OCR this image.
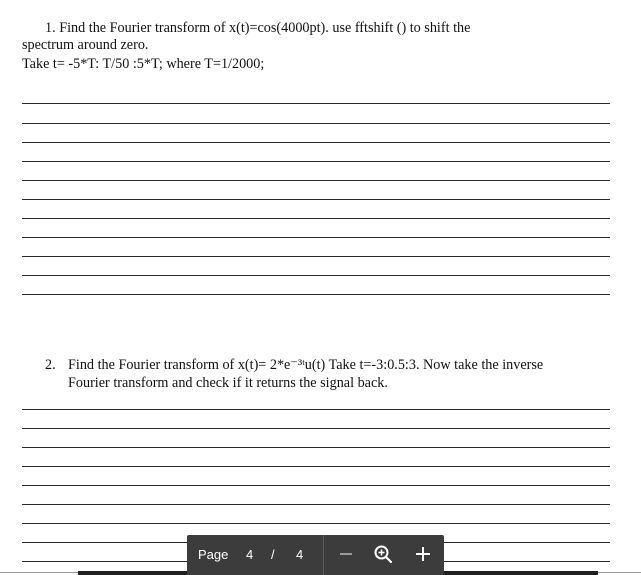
1. Find the Fourier transform of x(t)=cos(4000pt). use fftshift () to shift the
spectrum around zero.
Take t= -5*T: T/50 :5*T; where T=1/2000;
2. Find the Fourier transform of x(t)= 2*e⁻³ᵗu(t) Take t=-3:0.5:3. Now take the inverse
Fourier transform and check if it returns the signal back.
Page 4 / 4
